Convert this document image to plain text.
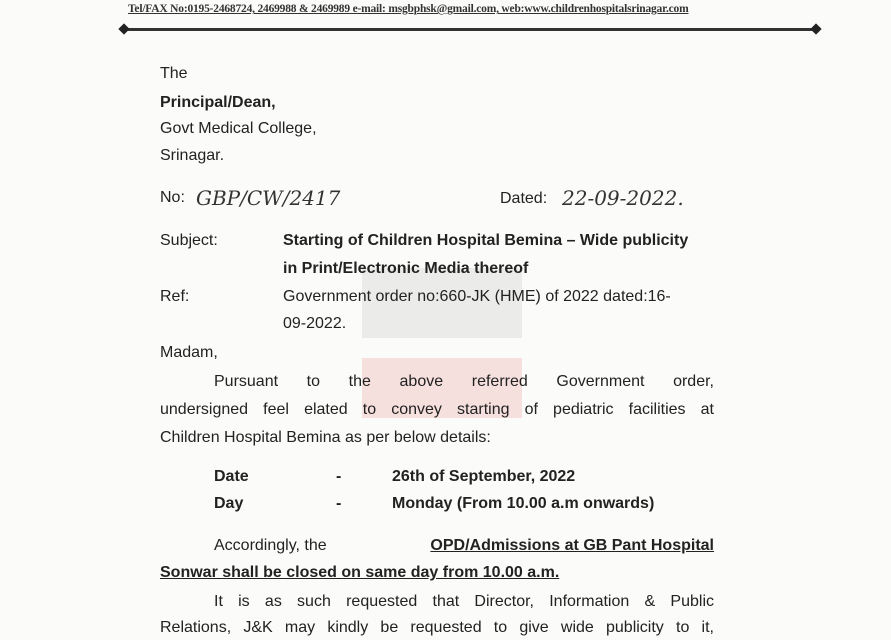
Tel/FAX No:0195-2468724, 2469988 & 2469989 e-mail: msgbphsk@gmail.com, web:www.childrenhospitalsrinagar.com
The
Principal/Dean,
Govt Medical College,
Srinagar.
No: GBP/CW/2417	Dated: 22-09-2022.
Subject:	Starting of Children Hospital Bemina – Wide publicity
in Print/Electronic Media thereof
Ref:	Government order no:660-JK (HME) of 2022 dated:16-
09-2022.
Madam,
Pursuant to the above referred Government order,
undersigned feel elated to convey starting of pediatric facilities at
Children Hospital Bemina as per below details:
Date	-	26th of September, 2022
Day	-	Monday (From 10.00 a.m onwards)
Accordingly, the	OPD/Admissions at GB Pant Hospital
Sonwar shall be closed on same day from 10.00 a.m.
It is as such requested that Director, Information & Public
Relations, J&K may kindly be requested to give wide publicity to it,
